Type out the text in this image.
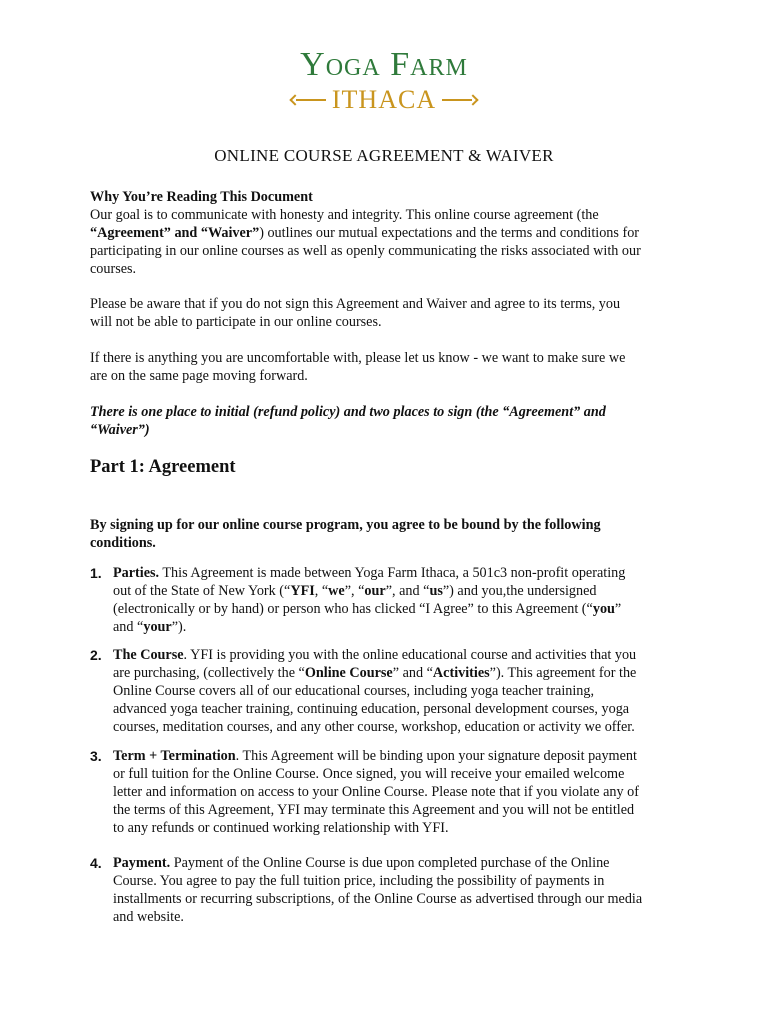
Yoga Farm
ITHACA
ONLINE COURSE AGREEMENT & WAIVER
Why You’re Reading This Document
Our goal is to communicate with honesty and integrity. This online course agreement (the
“Agreement” and “Waiver”) outlines our mutual expectations and the terms and conditions for
participating in our online courses as well as openly communicating the risks associated with our
courses.
Please be aware that if you do not sign this Agreement and Waiver and agree to its terms, you
will not be able to participate in our online courses.
If there is anything you are uncomfortable with, please let us know - we want to make sure we
are on the same page moving forward.
There is one place to initial (refund policy) and two places to sign (the “Agreement” and
“Waiver”)
Part 1: Agreement
By signing up for our online course program, you agree to be bound by the following
conditions.
1. Parties. This Agreement is made between Yoga Farm Ithaca, a 501c3 non-profit operating
out of the State of New York (“YFI, “we”, “our”, and “us”) and you,the undersigned
(electronically or by hand) or person who has clicked “I Agree” to this Agreement (“you”
and “your”).
2. The Course. YFI is providing you with the online educational course and activities that you
are purchasing, (collectively the “Online Course” and “Activities”). This agreement for the
Online Course covers all of our educational courses, including yoga teacher training,
advanced yoga teacher training, continuing education, personal development courses, yoga
courses, meditation courses, and any other course, workshop, education or activity we offer.
3. Term + Termination. This Agreement will be binding upon your signature deposit payment
or full tuition for the Online Course. Once signed, you will receive your emailed welcome
letter and information on access to your Online Course. Please note that if you violate any of
the terms of this Agreement, YFI may terminate this Agreement and you will not be entitled
to any refunds or continued working relationship with YFI.
4. Payment. Payment of the Online Course is due upon completed purchase of the Online
Course. You agree to pay the full tuition price, including the possibility of payments in
installments or recurring subscriptions, of the Online Course as advertised through our media
and website.
